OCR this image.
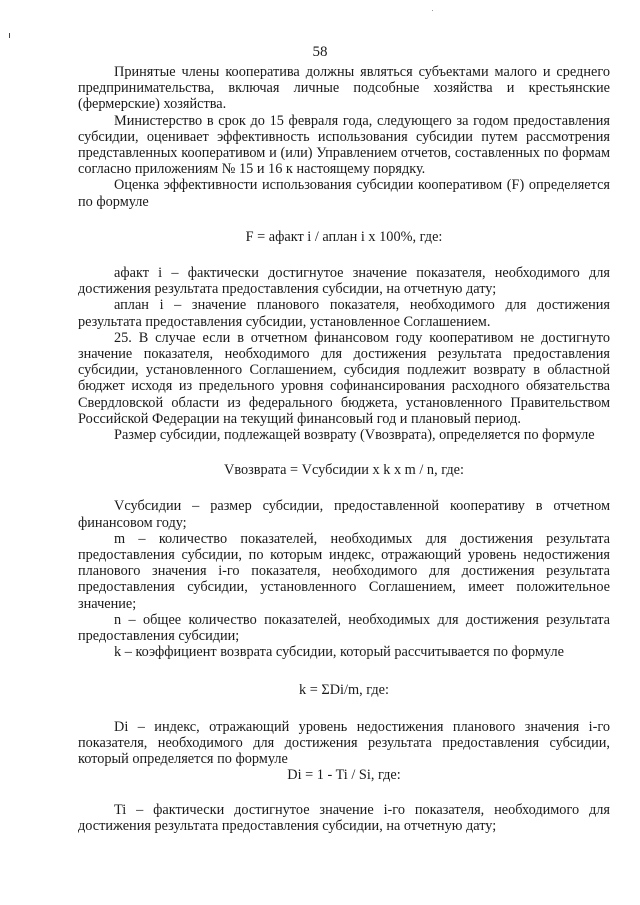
58

Принятые члены кооператива должны являться субъектами малого и среднего предпринимательства, включая личные подсобные хозяйства и крестьянские (фермерские) хозяйства.

Министерство в срок до 15 февраля года, следующего за годом предоставления субсидии, оценивает эффективность использования субсидии путем рассмотрения представленных кооперативом и (или) Управлением отчетов, составленных по формам согласно приложениям № 15 и 16 к настоящему порядку.

Оценка эффективности использования субсидии кооперативом (F) определяется по формуле

F = афакт i / аплан i х 100%, где:

афакт i – фактически достигнутое значение показателя, необходимого для достижения результата предоставления субсидии, на отчетную дату;

аплан i – значение планового показателя, необходимого для достижения результата предоставления субсидии, установленное Соглашением.

25. В случае если в отчетном финансовом году кооперативом не достигнуто значение показателя, необходимого для достижения результата предоставления субсидии, установленного Соглашением, субсидия подлежит возврату в областной бюджет исходя из предельного уровня софинансирования расходного обязательства Свердловской области из федерального бюджета, установленного Правительством Российской Федерации на текущий финансовый год и плановый период.

Размер субсидии, подлежащей возврату (Vвозврата), определяется по формуле

Vвозврата = Vсубсидии х k х m / n, где:

Vсубсидии – размер субсидии, предоставленной кооперативу в отчетном финансовом году;

m – количество показателей, необходимых для достижения результата предоставления субсидии, по которым индекс, отражающий уровень недостижения планового значения i-го показателя, необходимого для достижения результата предоставления субсидии, установленного Соглашением, имеет положительное значение;

n – общее количество показателей, необходимых для достижения результата предоставления субсидии;

k – коэффициент возврата субсидии, который рассчитывается по формуле

k = ΣDi/m, где:

Di – индекс, отражающий уровень недостижения планового значения i-го показателя, необходимого для достижения результата предоставления субсидии, который определяется по формуле

Di = 1 - Ti / Si, где:

Ti – фактически достигнутое значение i-го показателя, необходимого для достижения результата предоставления субсидии, на отчетную дату;
